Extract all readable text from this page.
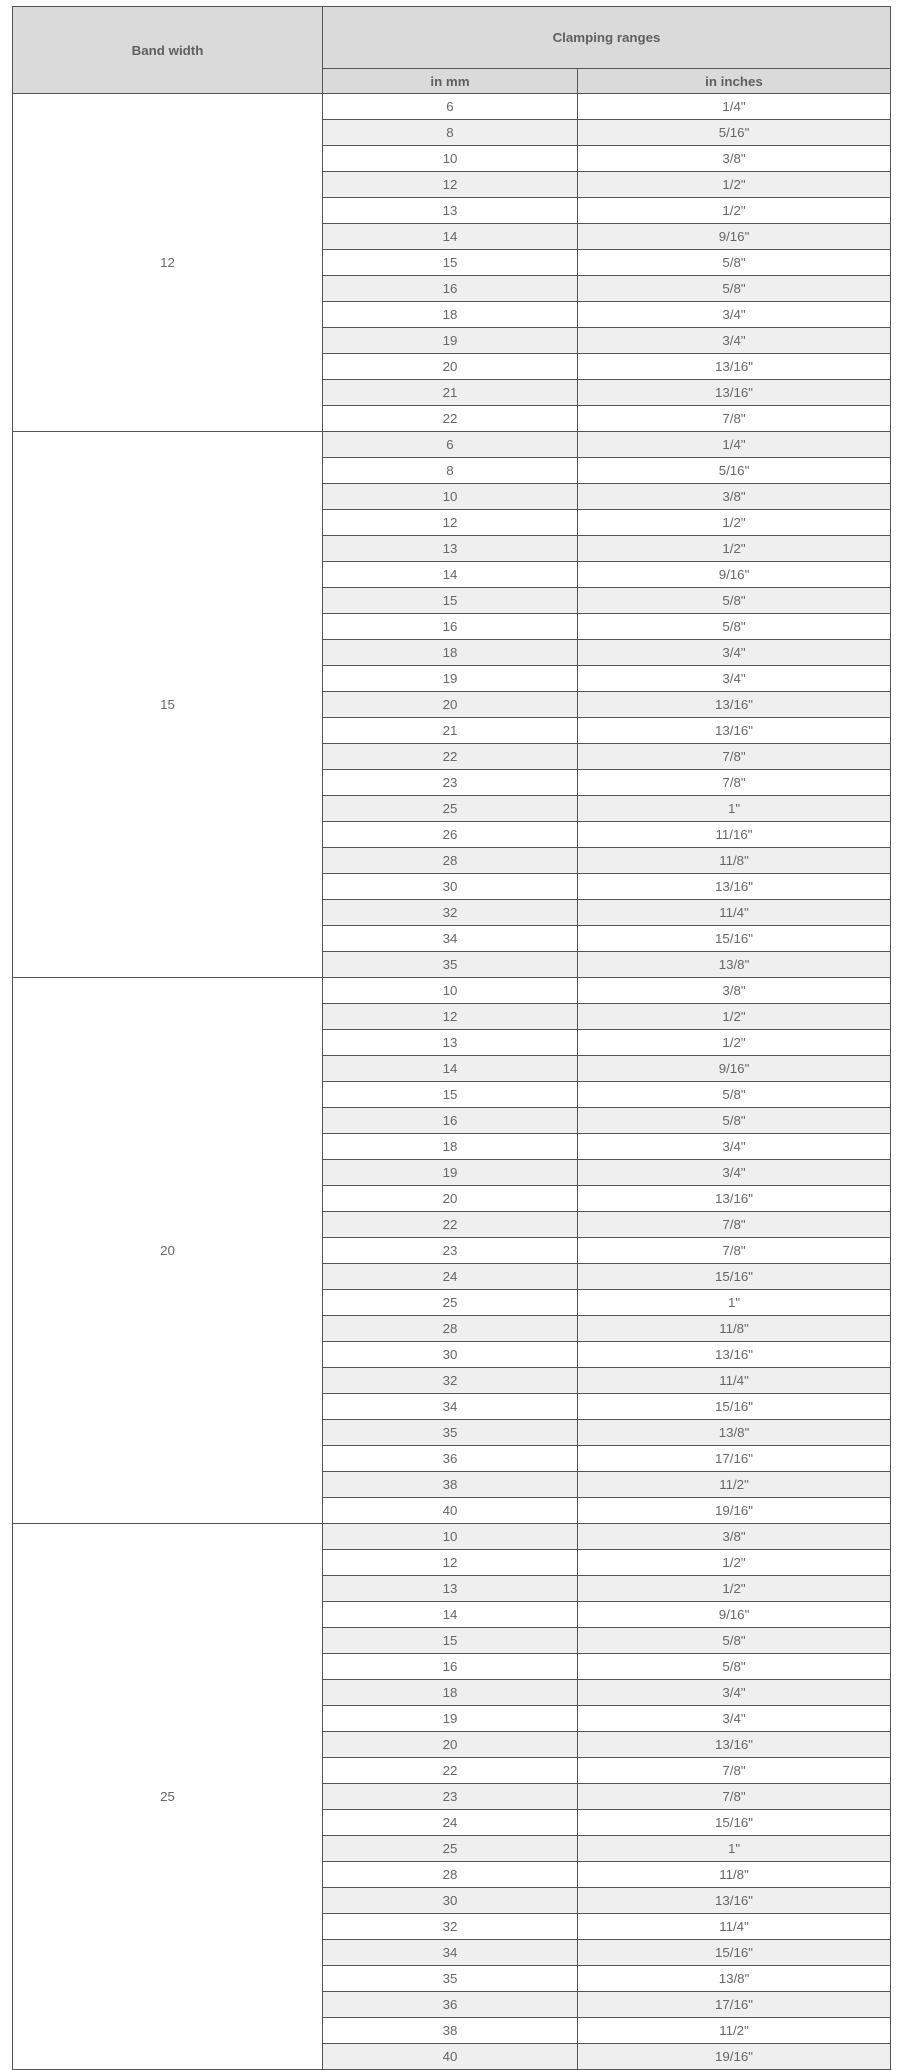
Band width	Clamping ranges	
	in mm	in inches
12	6	1/4"
	8	5/16"
	10	3/8"
	12	1/2"
	13	1/2"
	14	9/16"
	15	5/8"
	16	5/8"
	18	3/4"
	19	3/4"
	20	13/16"
	21	13/16"
	22	7/8"
15	6	1/4"
	8	5/16"
	10	3/8"
	12	1/2"
	13	1/2"
	14	9/16"
	15	5/8"
	16	5/8"
	18	3/4"
	19	3/4"
	20	13/16"
	21	13/16"
	22	7/8"
	23	7/8"
	25	1"
	26	11/16"
	28	11/8"
	30	13/16"
	32	11/4"
	34	15/16"
	35	13/8"
20	10	3/8"
	12	1/2"
	13	1/2"
	14	9/16"
	15	5/8"
	16	5/8"
	18	3/4"
	19	3/4"
	20	13/16"
	22	7/8"
	23	7/8"
	24	15/16"
	25	1"
	28	11/8"
	30	13/16"
	32	11/4"
	34	15/16"
	35	13/8"
	36	17/16"
	38	11/2"
	40	19/16"
25	10	3/8"
	12	1/2"
	13	1/2"
	14	9/16"
	15	5/8"
	16	5/8"
	18	3/4"
	19	3/4"
	20	13/16"
	22	7/8"
	23	7/8"
	24	15/16"
	25	1"
	28	11/8"
	30	13/16"
	32	11/4"
	34	15/16"
	35	13/8"
	36	17/16"
	38	11/2"
	40	19/16"
